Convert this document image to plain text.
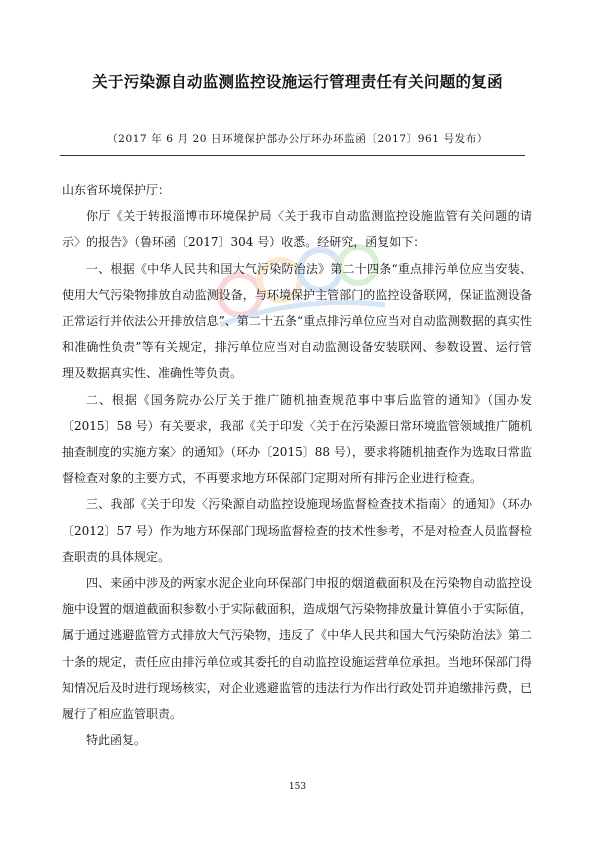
关于污染源自动监测监控设施运行管理责任有关问题的复函
（2017 年 6 月 20 日环境保护部办公厅环办环监函〔2017〕961 号发布）

山东省环境保护厅：

你厅《关于转报淄博市环境保护局〈关于我市自动监测监控设施监管有关问题的请示〉的报告》（鲁环函〔2017〕304 号）收悉。经研究，函复如下：

一、根据《中华人民共和国大气污染防治法》第二十四条“重点排污单位应当安装、使用大气污染物排放自动监测设备，与环境保护主管部门的监控设备联网，保证监测设备正常运行并依法公开排放信息”、第二十五条“重点排污单位应当对自动监测数据的真实性和准确性负责”等有关规定，排污单位应当对自动监测设备安装联网、参数设置、运行管理及数据真实性、准确性等负责。

二、根据《国务院办公厅关于推广随机抽查规范事中事后监管的通知》（国办发〔2015〕58 号）有关要求，我部《关于印发〈关于在污染源日常环境监管领域推广随机抽查制度的实施方案〉的通知》（环办〔2015〕88 号），要求将随机抽查作为选取日常监督检查对象的主要方式，不再要求地方环保部门定期对所有排污企业进行检查。

三、我部《关于印发〈污染源自动监控设施现场监督检查技术指南〉的通知》（环办〔2012〕57 号）作为地方环保部门现场监督检查的技术性参考，不是对检查人员监督检查职责的具体规定。

四、来函中涉及的两家水泥企业向环保部门申报的烟道截面积及在污染物自动监控设施中设置的烟道截面积参数小于实际截面积，造成烟气污染物排放量计算值小于实际值，属于通过逃避监管方式排放大气污染物，违反了《中华人民共和国大气污染防治法》第二十条的规定，责任应由排污单位或其委托的自动监控设施运营单位承担。当地环保部门得知情况后及时进行现场核实，对企业逃避监管的违法行为作出行政处罚并追缴排污费，已履行了相应监管职责。

特此函复。

153
